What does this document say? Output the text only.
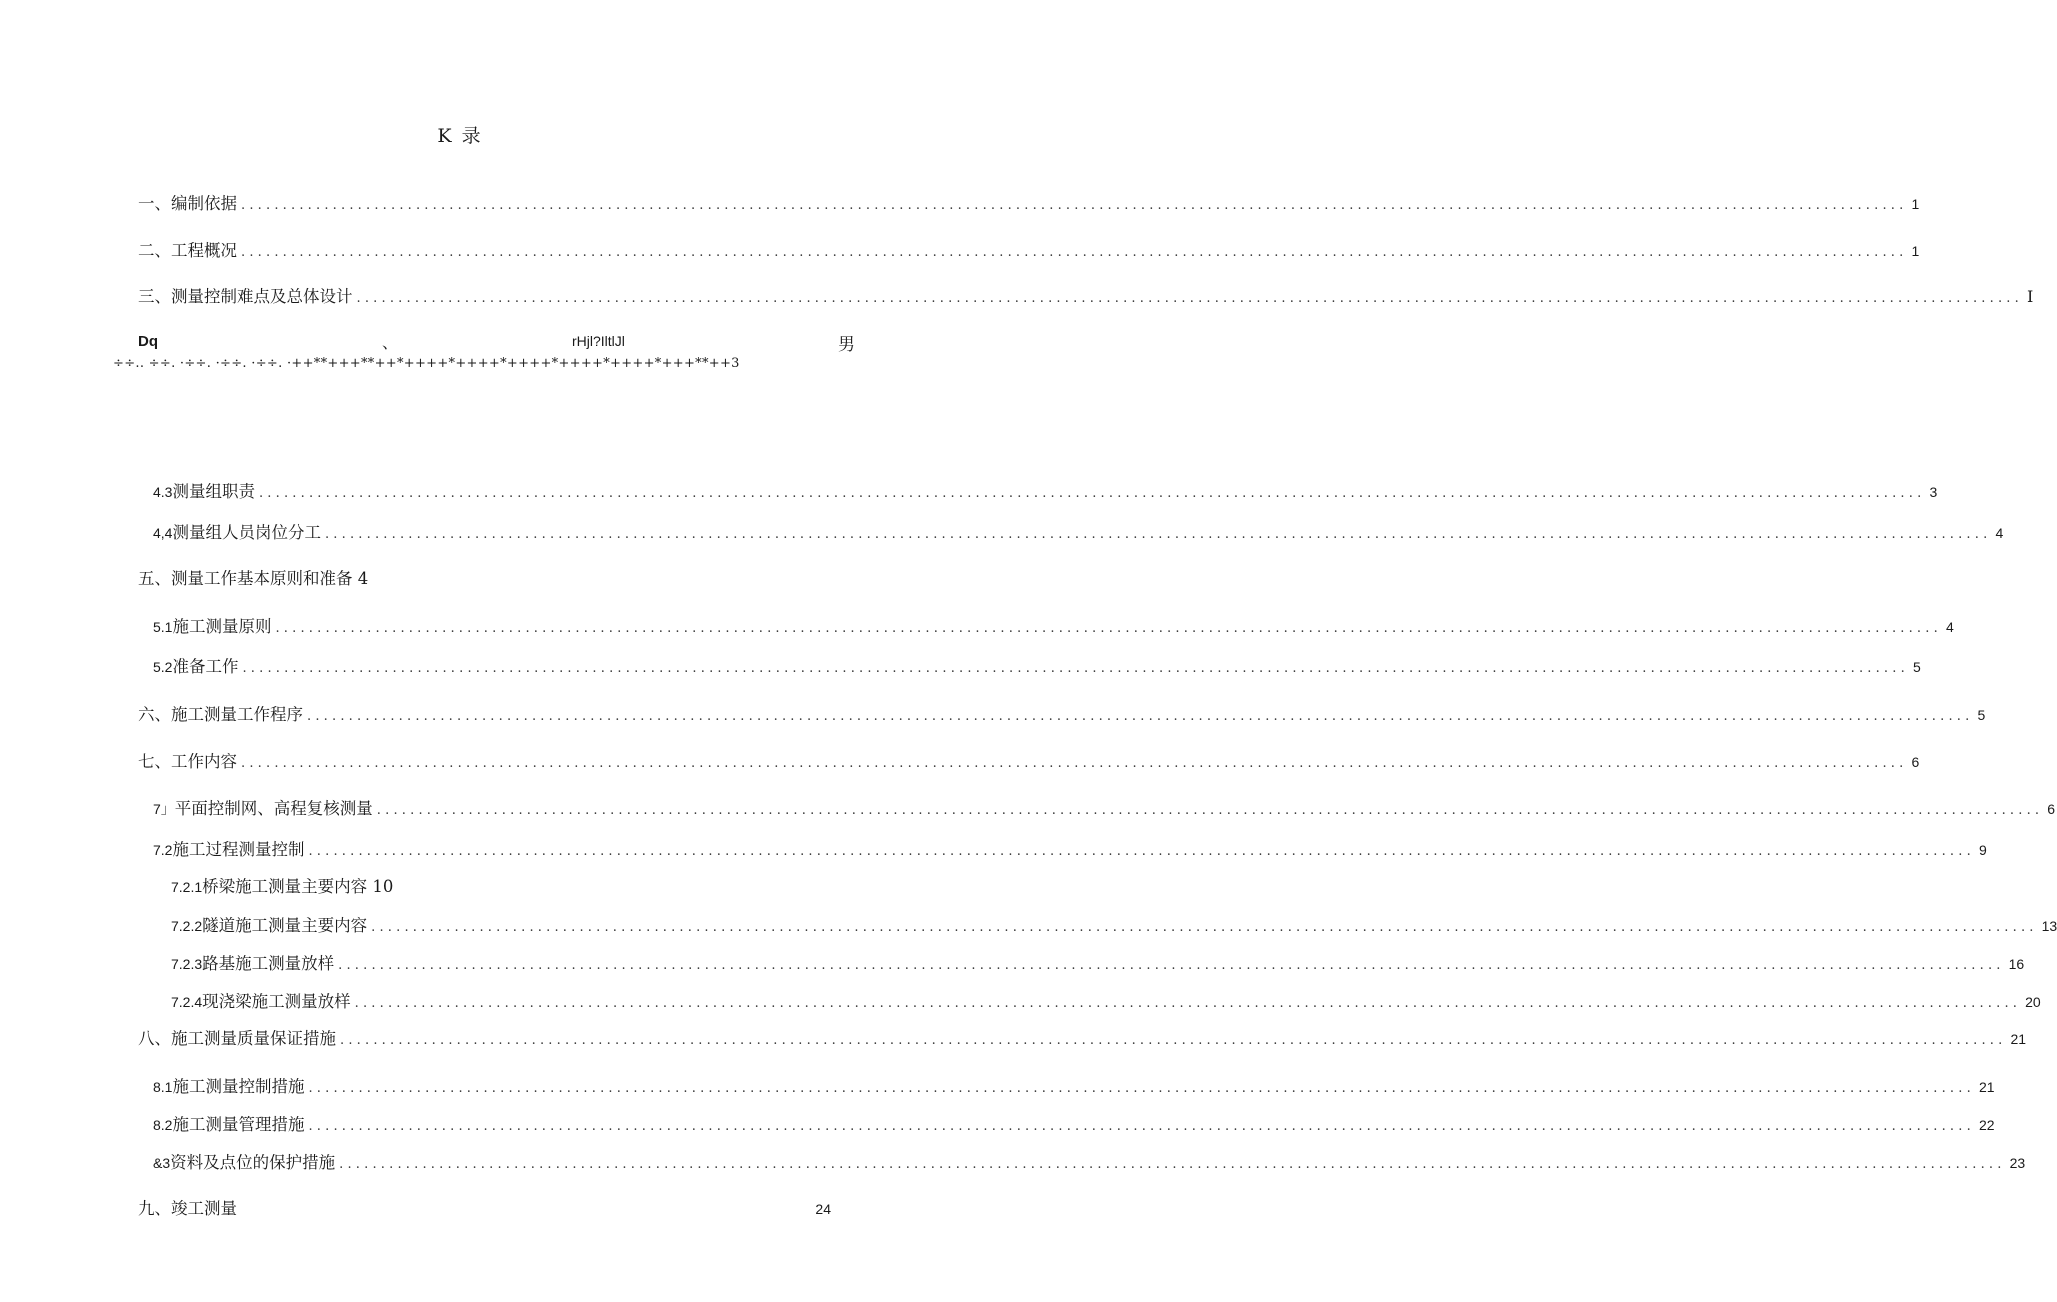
K 录
Dq	、	rHjl?IltlJl	男
÷÷.. ÷÷. ·÷÷. ·÷÷. ·÷÷. ·++**+++**++*++++*++++*++++*++++*++++*+++**++3
一、编制依据 ........................................................................................................................................................................................................ 1
二、工程概况 ........................................................................................................................................................................................................ 1
三、测量控制难点及总体设计 ........................................................................................................................................................................................................ I
4.3 测量组职责 ........................................................................................................................................................................................................ 3
4,4 测量组人员岗位分工 ........................................................................................................................................................................................................ 4
五、测量工作基本原则和准备 4
5.1 施工测量原则 ........................................................................................................................................................................................................ 4
5.2 准备工作 ........................................................................................................................................................................................................ 5
六、施工测量工作程序 ........................................................................................................................................................................................................ 5
七、工作内容 ........................................................................................................................................................................................................ 6
7」 平面控制网、高程复核测量 ........................................................................................................................................................................................................ 6
7.2 施工过程测量控制 ........................................................................................................................................................................................................ 9
7.2.1 桥梁施工测量主要内容 10
7.2.2 隧道施工测量主要内容 ........................................................................................................................................................................................................ 13
7.2.3 路基施工测量放样 ........................................................................................................................................................................................................ 16
7.2.4 现浇梁施工测量放样 ........................................................................................................................................................................................................ 20
八、施工测量质量保证措施 ........................................................................................................................................................................................................ 21
8.1 施工测量控制措施 ........................................................................................................................................................................................................ 21
8.2 施工测量管理措施 ........................................................................................................................................................................................................ 22
&3 资料及点位的保护措施 ........................................................................................................................................................................................................ 23
九、竣工测量	24
